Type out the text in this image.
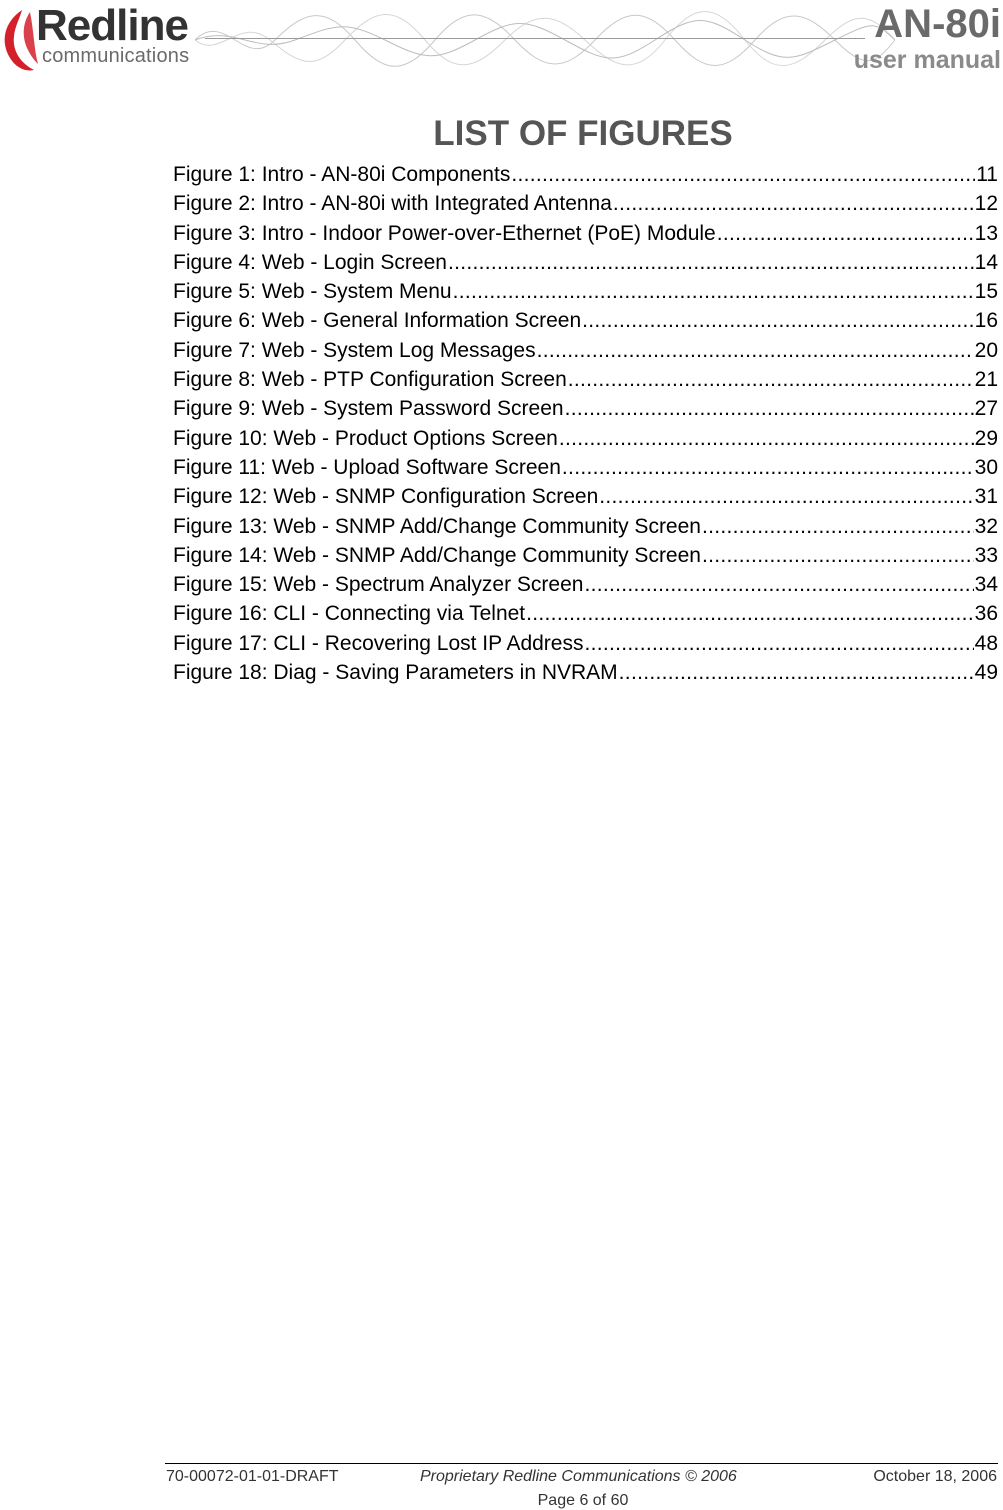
Redline
communications
AN-80i
user manual
LIST OF FIGURES
Figure 1: Intro - AN-80i Components .....	11
Figure 2: Intro - AN-80i with Integrated Antenna .....	12
Figure 3: Intro - Indoor Power-over-Ethernet (PoE) Module .....	13
Figure 4: Web - Login Screen .....	14
Figure 5: Web - System Menu .....	15
Figure 6: Web - General Information Screen .....	16
Figure 7: Web - System Log Messages .....	20
Figure 8: Web - PTP Configuration Screen .....	21
Figure 9: Web - System Password Screen .....	27
Figure 10: Web - Product Options Screen .....	29
Figure 11: Web - Upload Software Screen .....	30
Figure 12: Web - SNMP Configuration Screen .....	31
Figure 13: Web - SNMP Add/Change Community Screen .....	32
Figure 14: Web - SNMP Add/Change Community Screen .....	33
Figure 15: Web - Spectrum Analyzer Screen .....	34
Figure 16: CLI - Connecting via Telnet .....	36
Figure 17: CLI - Recovering Lost IP Address .....	48
Figure 18: Diag - Saving Parameters in NVRAM .....	49
70-00072-01-01-DRAFT	Proprietary Redline Communications © 2006	October 18, 2006
Page 6 of 60
